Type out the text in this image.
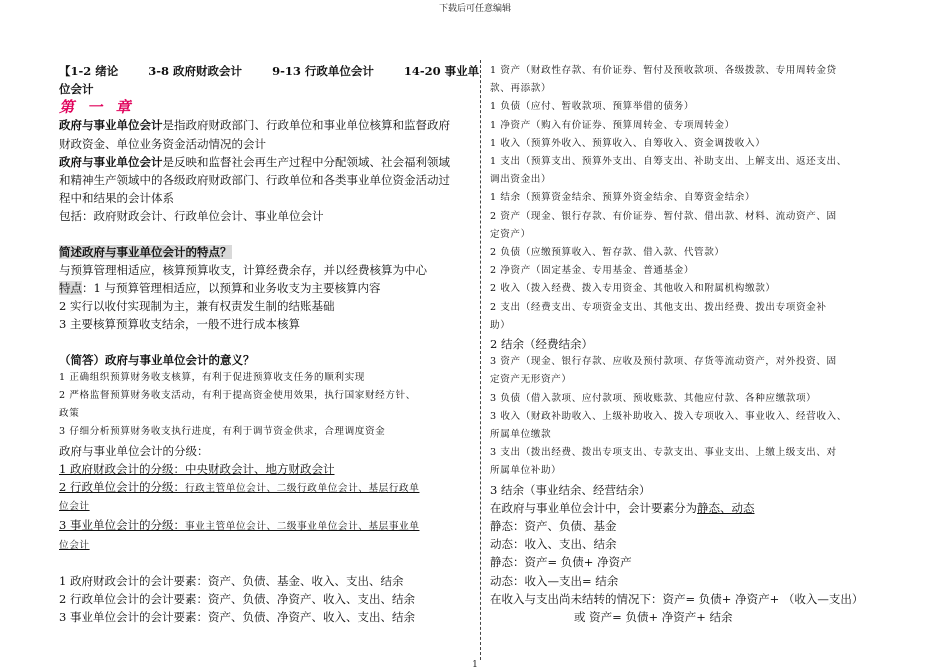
下载后可任意编辑
【1-2 绪论	3-8 政府财政会计	9-13 行政单位会计	14-20 事业单
位会计
第 一 章
政府与事业单位会计是指政府财政部门、行政单位和事业单位核算和监督政府
财政资金、单位业务资金活动情况的会计
政府与事业单位会计是反映和监督社会再生产过程中分配领域、社会福利领域
和精神生产领域中的各级政府财政部门、行政单位和各类事业单位资金活动过
程中和结果的会计体系
包括：政府财政会计、行政单位会计、事业单位会计
简述政府与事业单位会计的特点？
与预算管理相适应，核算预算收支，计算经费余存，并以经费核算为中心
特点：1 与预算管理相适应，以预算和业务收支为主要核算内容
2 实行以收付实现制为主，兼有权责发生制的结账基础
3 主要核算预算收支结余，一般不进行成本核算
（简答）政府与事业单位会计的意义？
1 正确组织预算财务收支核算，有利于促进预算收支任务的顺利实现
2 严格监督预算财务收支活动，有利于提高资金使用效果，执行国家财经方针、
政策
3 仔细分析预算财务收支执行进度，有利于调节资金供求，合理调度资金
政府与事业单位会计的分级：
1 政府财政会计的分级：中央财政会计、地方财政会计
2 行政单位会计的分级：行政主管单位会计、二级行政单位会计、基层行政单
位会计
3 事业单位会计的分级：事业主管单位会计、二级事业单位会计、基层事业单
位会计
1 政府财政会计的会计要素：资产、负债、基金、收入、支出、结余
2 行政单位会计的会计要素：资产、负债、净资产、收入、支出、结余
3 事业单位会计的会计要素：资产、负债、净资产、收入、支出、结余
1 资产（财政性存款、有价证券、暂付及预收款项、各级拨款、专用周转金贷
款、再添款）
1 负债（应付、暂收款项、预算举借的债务）
1 净资产（购入有价证券、预算周转金、专项周转金）
1 收入（预算外收入、预算收入、自筹收入、资金调拨收入）
1 支出（预算支出、预算外支出、自筹支出、补助支出、上解支出、返还支出、
调出资金出）
1 结余（预算资金结余、预算外资金结余、自筹资金结余）
2 资产（现金、银行存款、有价证券、暂付款、借出款、材料、流动资产、固
定资产）
2 负债（应缴预算收入、暂存款、借入款、代管款）
2 净资产（固定基金、专用基金、普通基金）
2 收入（拨入经费、拨入专用资金、其他收入和附属机构缴款）
2 支出（经费支出、专项资金支出、其他支出、拨出经费、拨出专项资金补
助）
2 结余（经费结余）
3 资产（现金、银行存款、应收及预付款项、存货等流动资产，对外投资、固
定资产无形资产）
3 负债（借入款项、应付款项、预收账款、其他应付款、各种应缴款项）
3 收入（财政补助收入、上级补助收入、拨入专项收入、事业收入、经营收入、
所属单位缴款
3 支出（拨出经费、拨出专项支出、专款支出、事业支出、上缴上级支出、对
所属单位补助）
3 结余（事业结余、经营结余）
在政府与事业单位会计中，会计要素分为静态、动态
静态：资产、负债、基金
动态：收入、支出、结余
静态：资产= 负债+ 净资产
动态：收入—支出= 结余
在收入与支出尚未结转的情况下：资产= 负债+ 净资产+ （收入—支出）
或 资产= 负债+ 净资产+ 结余
1
